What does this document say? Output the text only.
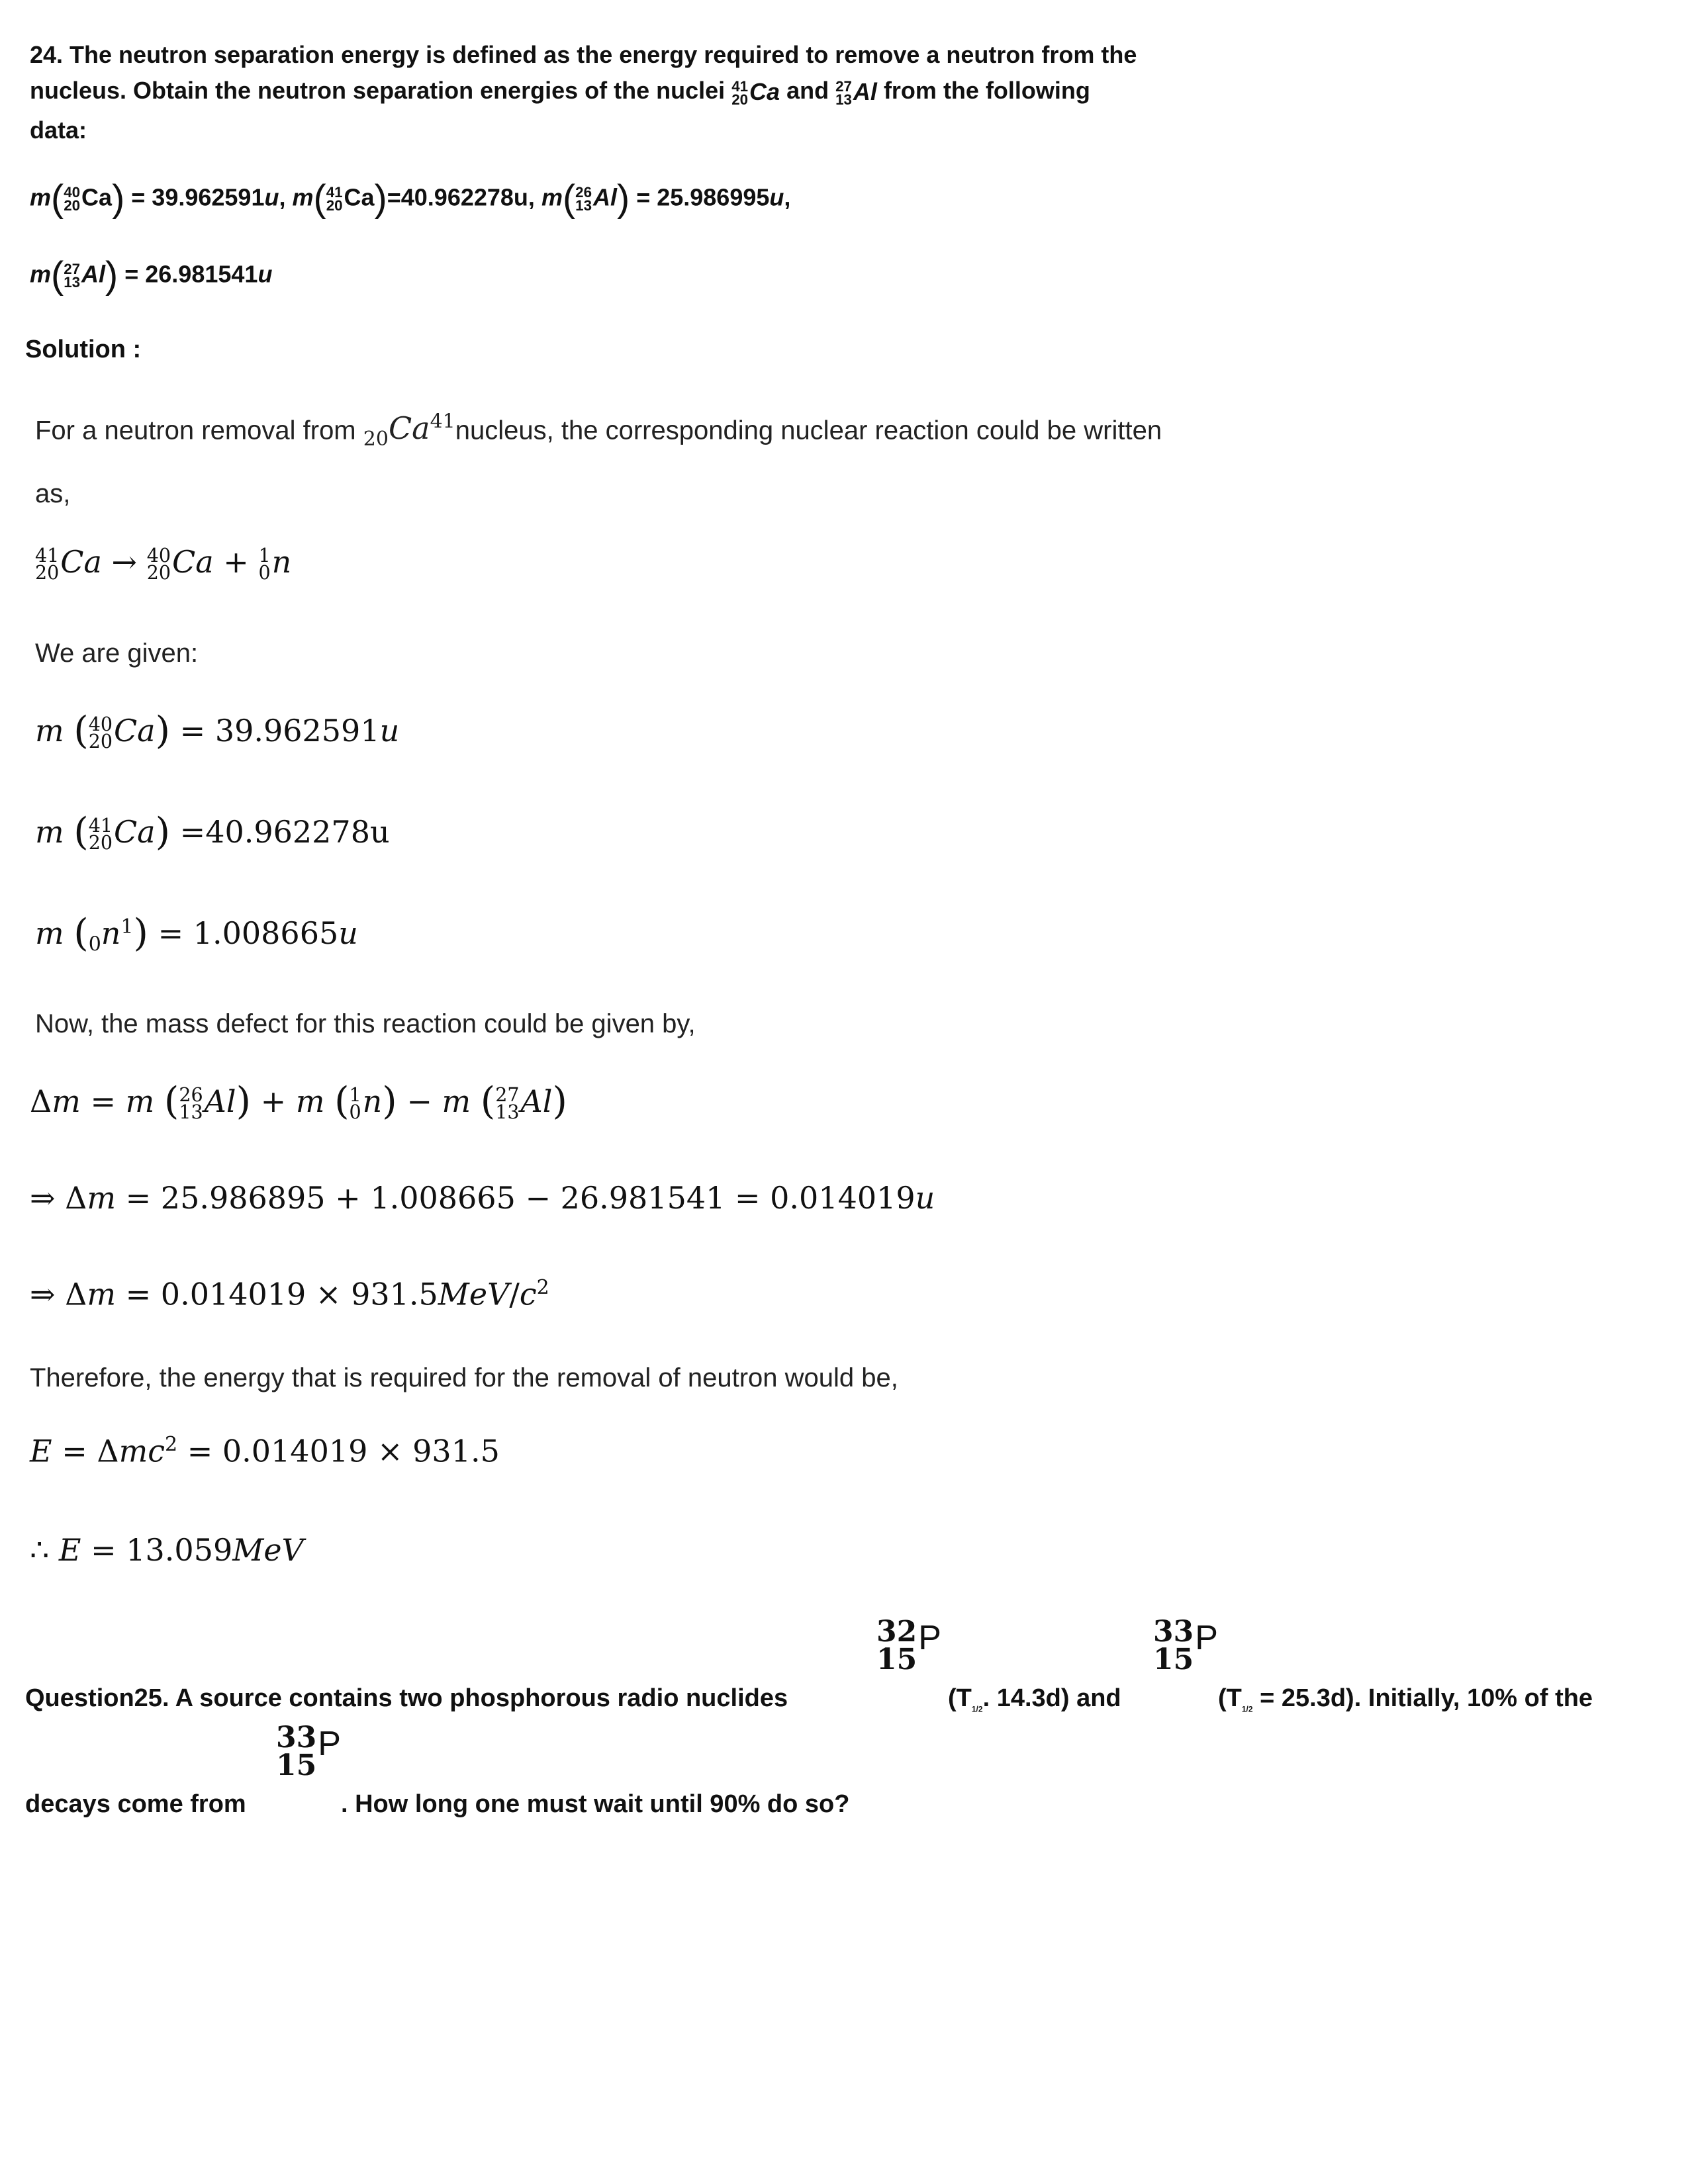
24. The neutron separation energy is defined as the energy required to remove a neutron from the
nucleus. Obtain the neutron separation energies of the nuclei 41
20 Ca and 27
13 Al from the following
data:
m( 40
20 Ca) = 39.962591u, m( 41
20 Ca)=40.962278u, m( 26
13 Al) = 25.986995u,
m( 27
13 Al) = 26.981541u
Solution :
For a neutron removal from $_{20}Ca^{41}nucleus$, the corresponding nuclear reaction could be written
as,
41
20 Ca → 40
20 Ca + 1
0 n
We are given:
m ( 40
20 Ca) = 39.962591u
m ( 41
20 Ca) =40.962278u
m $(_0n^1) = 1.008665u$
Now, the mass defect for this reaction could be given by,
Δm = m ( 26
13 Al) + m ( 1
0 n) − m ( 27
13 Al)
⇒ Δm = 25.986895 + 1.008665 − 26.981541 = 0.014019u
⇒ $\Delta m = 0.014019 \times 931.5MeV/c^2$
Therefore, the energy that is required for the removal of neutron would be,
E = Δmc$^2$ = 0.014019 × 931.5
∴ E = 13.059MeV
Question25. A source contains two phosphorous radio nuclides
32
15
P
($T_{1/2}$. 14.3d) and
33
15
P
$(T_{1/2} = 25.3d)$. Initially, 10% of the
decays come from
33
15
P
. How long one must wait until 90% do so?
